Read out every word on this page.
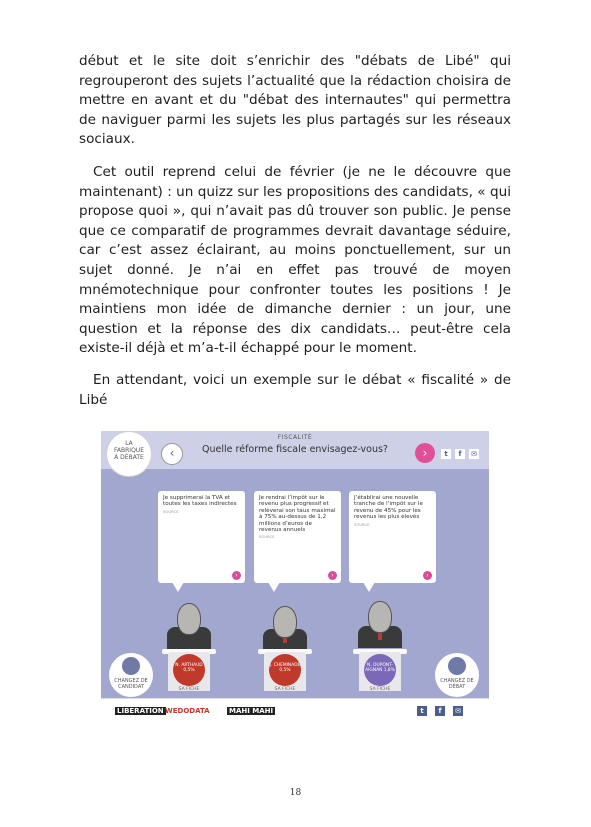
début et le site doit s’enrichir des "débats de Libé" qui regrouperont des sujets l’actualité que la rédaction choisira de mettre en avant et du "débat des internautes" qui permettra de naviguer parmi les sujets les plus partagés sur les réseaux sociaux.

Cet outil reprend celui de février (je ne le découvre que maintenant) : un quizz sur les propositions des candidats, « qui propose quoi », qui n’avait pas dû trouver son public. Je pense que ce comparatif de programmes devrait davantage séduire, car c’est assez éclairant, au moins ponctuellement, sur un sujet donné. Je n’ai en effet pas trouvé de moyen mnémotechnique pour confronter toutes les positions ! Je maintiens mon idée de dimanche dernier : un jour, une question et la réponse des dix candidats… peut-être cela existe-il déjà et m’a-t-il échappé pour le moment.

En attendant, voici un exemple sur le débat « fiscalité » de Libé

FISCALITÉ
Quelle réforme fiscale envisagez-vous?
LA
FABRIQUE
À DÉBATE	‹	›	t	f	✉
Je supprimerai la TVA et toutes les taxes indirectes
SOURCE
›
Je rendrai l’impôt sur le revenu plus progressif et relèverai son taux maximal à 75% au-dessus de 1,2 millions d’euros de revenus annuels
SOURCE
›
J’établirai une nouvelle tranche de l’impôt sur le revenu de 45% pour les revenus les plus élevés
SOURCE
›
N. ARTHAUD 0,5%
SA FICHE
J. CHEMINADE 0,5%
SA FICHE
N. DUPONT-AIGNAN 1,8%
SA FICHE
CHANGEZ DE CANDIDAT
CHANGEZ DE DÉBAT
LIBÉRATION WEDODATA	MAHI MAHI	t	f	✉
18
